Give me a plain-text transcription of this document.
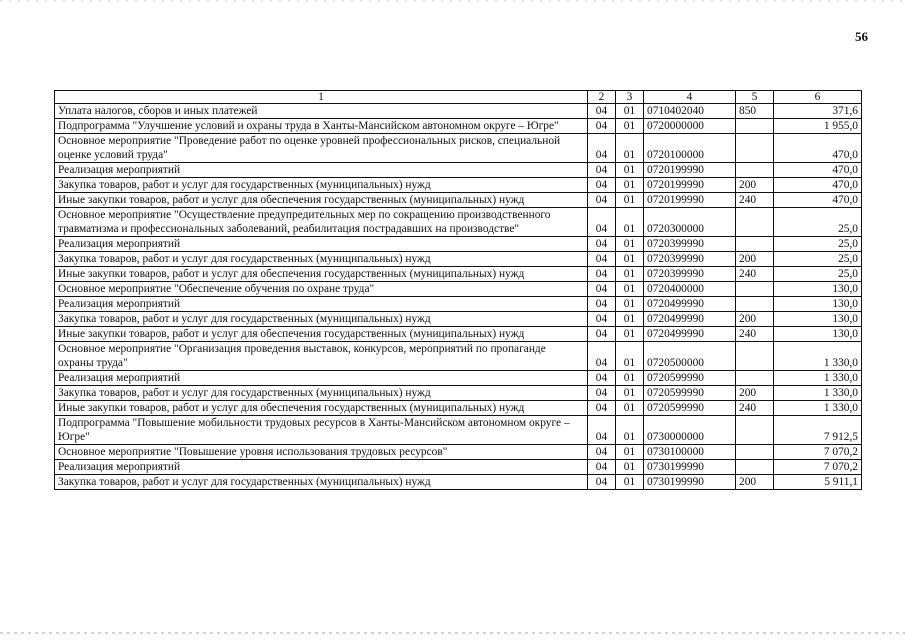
56
1	2	3	4	5	6
Уплата налогов, сборов и иных платежей	04	01	0710402040	850	371,6
Подпрограмма "Улучшение условий и охраны труда в Ханты-Мансийском автономном округе – Югре"	04	01	0720000000		1 955,0
Основное мероприятие "Проведение работ по оценке уровней профессиональных рисков, специальной оценке условий труда"	04	01	0720100000		470,0
Реализация мероприятий	04	01	0720199990		470,0
Закупка товаров, работ и услуг для государственных (муниципальных) нужд	04	01	0720199990	200	470,0
Иные закупки товаров, работ и услуг для обеспечения государственных (муниципальных) нужд	04	01	0720199990	240	470,0
Основное мероприятие "Осуществление предупредительных мер по сокращению производственного травматизма и профессиональных заболеваний, реабилитация пострадавших на производстве"	04	01	0720300000		25,0
Реализация мероприятий	04	01	0720399990		25,0
Закупка товаров, работ и услуг для государственных (муниципальных) нужд	04	01	0720399990	200	25,0
Иные закупки товаров, работ и услуг для обеспечения государственных (муниципальных) нужд	04	01	0720399990	240	25,0
Основное мероприятие "Обеспечение обучения по охране труда"	04	01	0720400000		130,0
Реализация мероприятий	04	01	0720499990		130,0
Закупка товаров, работ и услуг для государственных (муниципальных) нужд	04	01	0720499990	200	130,0
Иные закупки товаров, работ и услуг для обеспечения государственных (муниципальных) нужд	04	01	0720499990	240	130,0
Основное мероприятие "Организация проведения выставок, конкурсов, мероприятий по пропаганде охраны труда"	04	01	0720500000		1 330,0
Реализация мероприятий	04	01	0720599990		1 330,0
Закупка товаров, работ и услуг для государственных (муниципальных) нужд	04	01	0720599990	200	1 330,0
Иные закупки товаров, работ и услуг для обеспечения государственных (муниципальных) нужд	04	01	0720599990	240	1 330,0
Подпрограмма "Повышение мобильности трудовых ресурсов в Ханты-Мансийском автономном округе – Югре"	04	01	0730000000		7 912,5
Основное мероприятие "Повышение уровня использования трудовых ресурсов"	04	01	0730100000		7 070,2
Реализация мероприятий	04	01	0730199990		7 070,2
Закупка товаров, работ и услуг для государственных (муниципальных) нужд	04	01	0730199990	200	5 911,1
